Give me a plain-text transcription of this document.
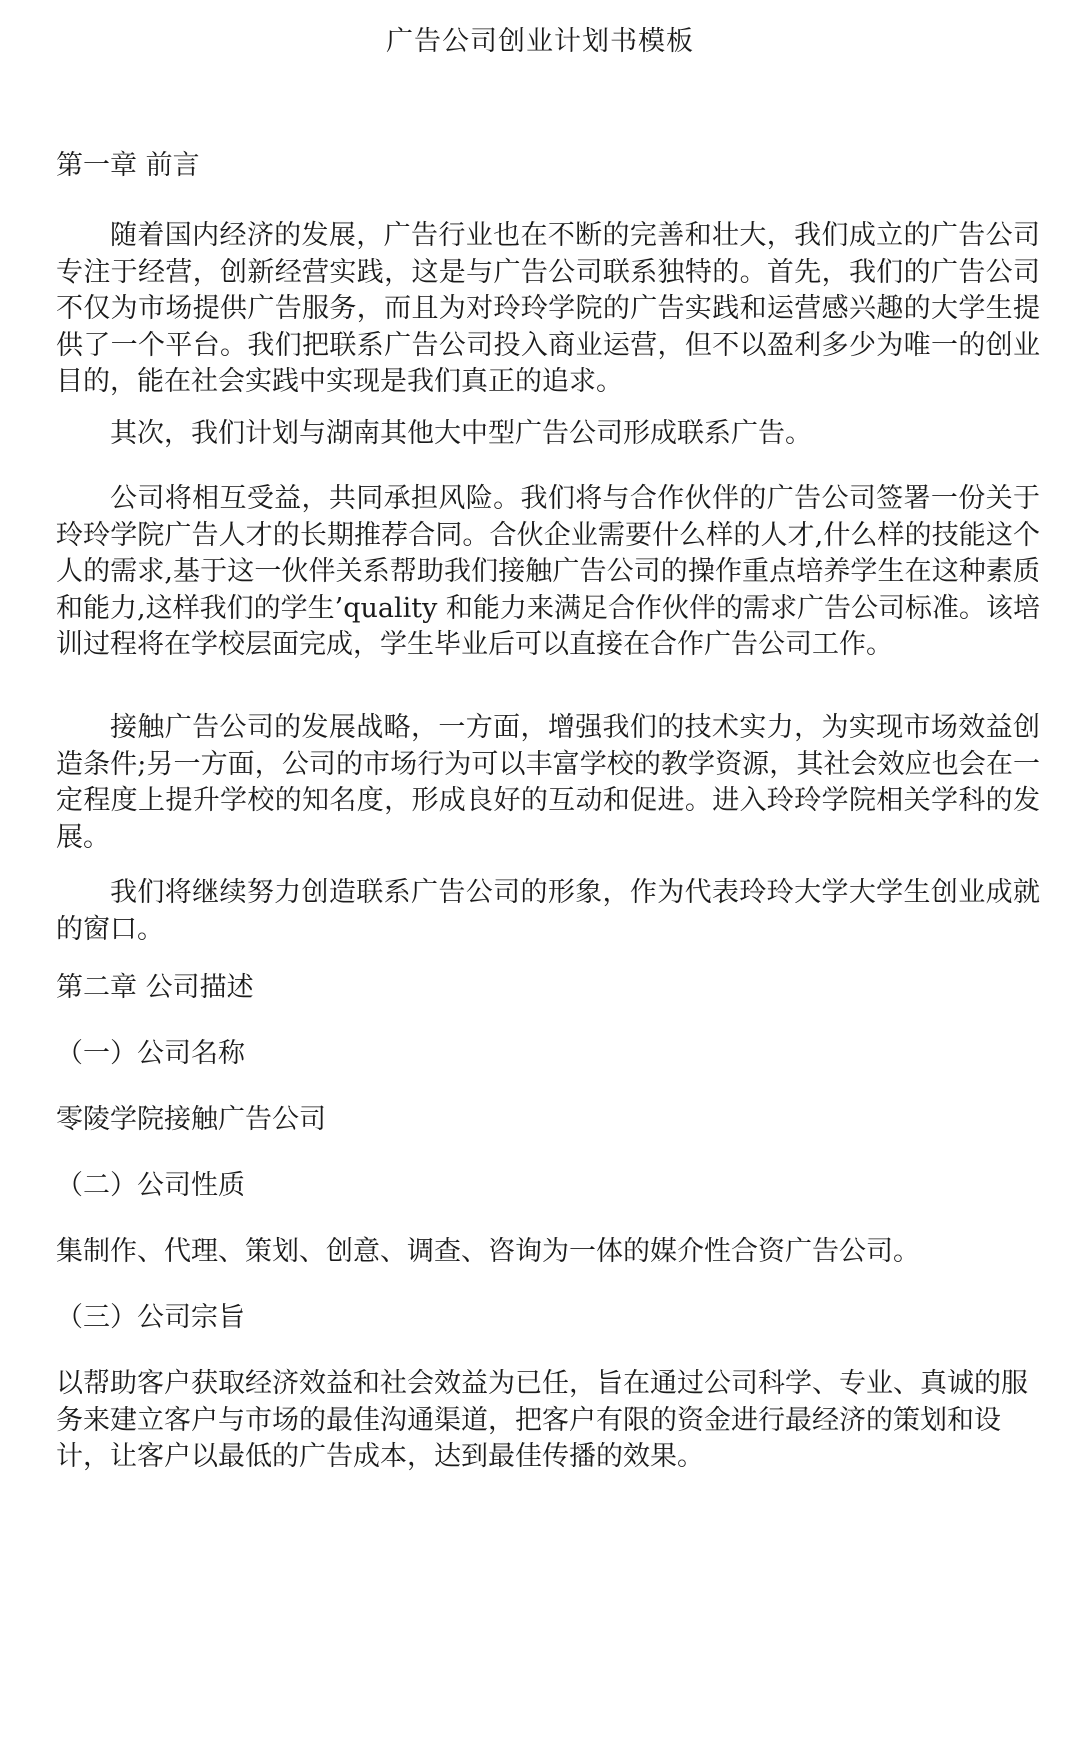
广告公司创业计划书模板

第一章 前言

随着国内经济的发展，广告行业也在不断的完善和壮大，我们成立的广告公司专注于经营，创新经营实践，这是与广告公司联系独特的。首先，我们的广告公司不仅为市场提供广告服务，而且为对玲玲学院的广告实践和运营感兴趣的大学生提供了一个平台。我们把联系广告公司投入商业运营，但不以盈利多少为唯一的创业目的，能在社会实践中实现是我们真正的追求。

其次，我们计划与湖南其他大中型广告公司形成联系广告。

公司将相互受益，共同承担风险。我们将与合作伙伴的广告公司签署一份关于玲玲学院广告人才的长期推荐合同。合伙企业需要什么样的人才,什么样的技能这个人的需求,基于这一伙伴关系帮助我们接触广告公司的操作重点培养学生在这种素质和能力,这样我们的学生’quality 和能力来满足合作伙伴的需求广告公司标准。该培训过程将在学校层面完成，学生毕业后可以直接在合作广告公司工作。

接触广告公司的发展战略，一方面，增强我们的技术实力，为实现市场效益创造条件;另一方面，公司的市场行为可以丰富学校的教学资源，其社会效应也会在一定程度上提升学校的知名度，形成良好的互动和促进。进入玲玲学院相关学科的发展。

我们将继续努力创造联系广告公司的形象，作为代表玲玲大学大学生创业成就的窗口。

第二章 公司描述

（一）公司名称

零陵学院接触广告公司

（二）公司性质

集制作、代理、策划、创意、调查、咨询为一体的媒介性合资广告公司。

（三）公司宗旨

以帮助客户获取经济效益和社会效益为已任，旨在通过公司科学、专业、真诚的服务来建立客户与市场的最佳沟通渠道，把客户有限的资金进行最经济的策划和设计，让客户以最低的广告成本，达到最佳传播的效果。
